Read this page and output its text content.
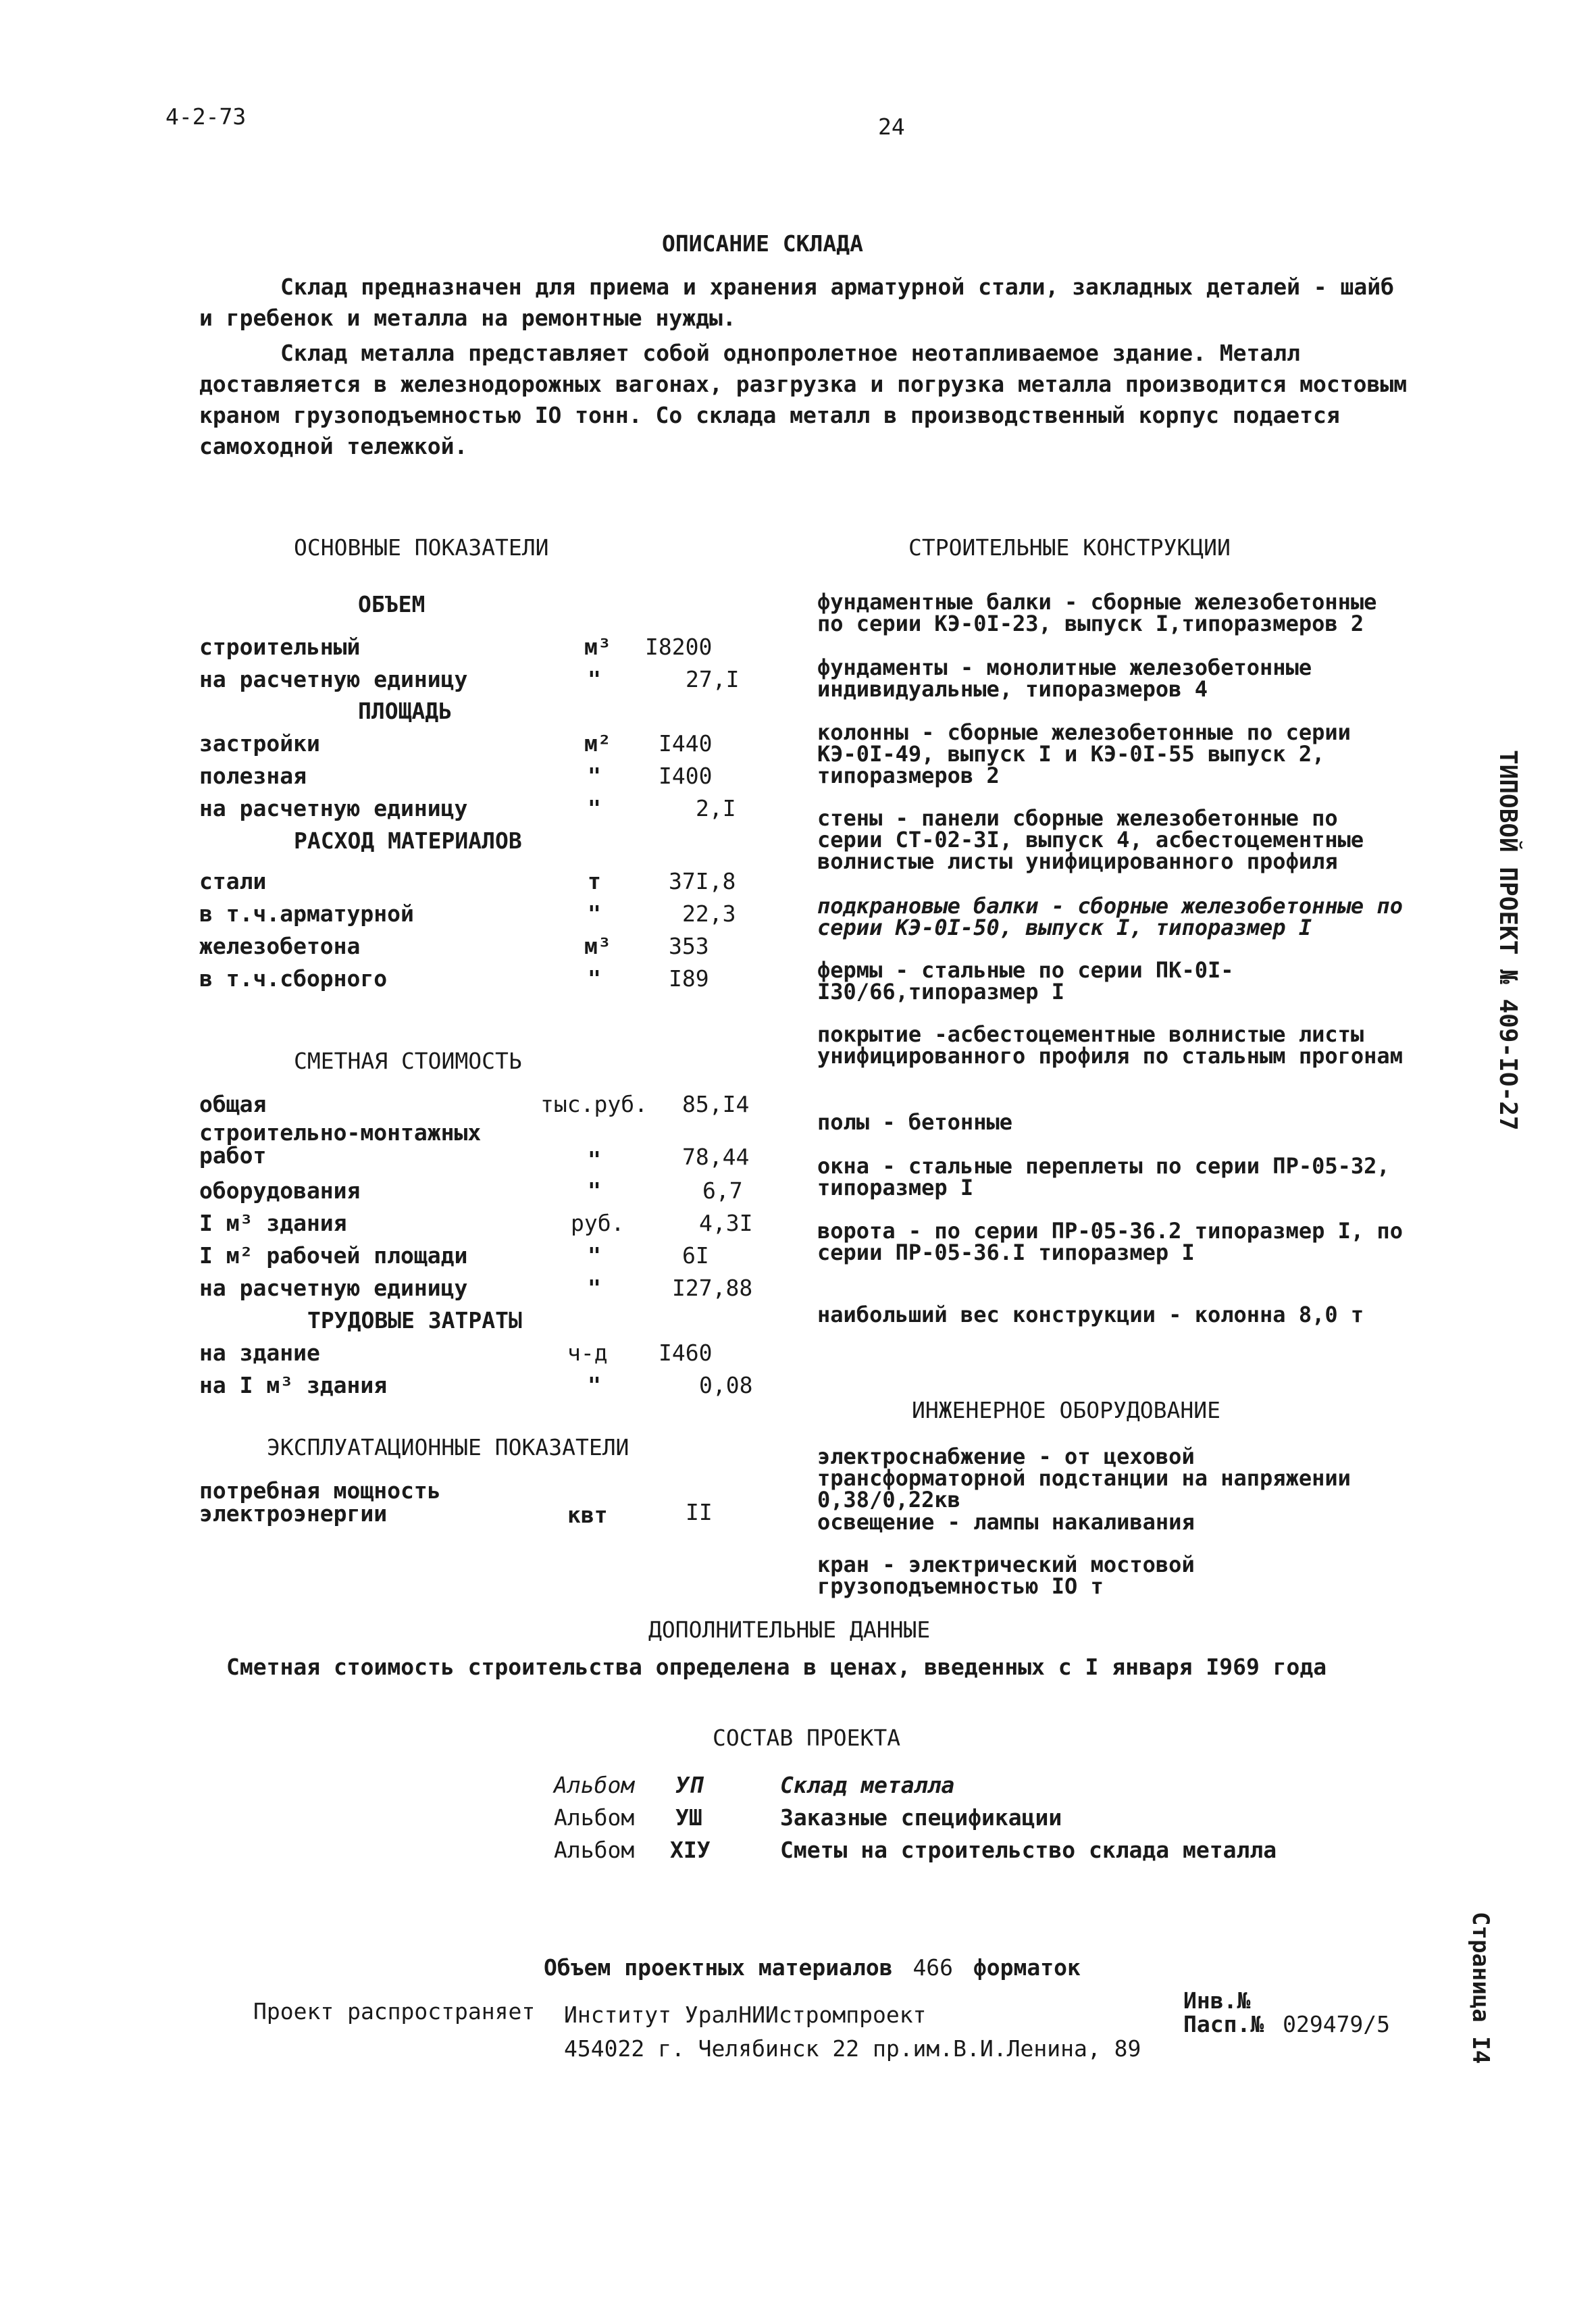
4-2-73	24
ОПИСАНИЕ СКЛАДА
Склад предназначен для приема и хранения арматурной стали, закладных деталей - шайб и гребенок и металла на ремонтные нужды.
Склад металла представляет собой однопролетное неотапливаемое здание. Металл доставляется в железнодорожных вагонах, разгрузка и погрузка металла производится мостовым краном грузоподъемностью IO тонн. Со склада металл в производственный корпус подается самоходной тележкой.
ОСНОВНЫЕ ПОКАЗАТЕЛИ
ОБЪЕМ
строительный	м³ I8200
на расчетную единицу	"	27,I
ПЛОЩАДЬ
застройки	м² I440
полезная	"	I400
на расчетную единицу	"	2,I
РАСХОД МАТЕРИАЛОВ
стали	т	37I,8
в т.ч.арматурной	"	22,3
железобетона	м³	353
в т.ч.сборного	"	I89
СМЕТНАЯ СТОИМОСТЬ
общая	тыс.руб. 85,I4
строительно-монтажных
работ	"	78,44
оборудования	"	6,7
I м³ здания	руб.	4,3I
I м² рабочей площади	"	6I
на расчетную единицу	"	I27,88
ТРУДОВЫЕ ЗАТРАТЫ
на здание	ч-д I460
на I м³ здания	"	0,08
ЭКСПЛУАТАЦИОННЫЕ ПОКАЗАТЕЛИ
потребная мощность
электроэнергии	квт	II
СТРОИТЕЛЬНЫЕ КОНСТРУКЦИИ
фундаментные балки - сборные железобетонные по серии КЭ-0I-23, выпуск I,типоразмеров 2
фундаменты - монолитные железобетонные индивидуальные, типоразмеров 4
колонны - сборные железобетонные по серии КЭ-0I-49, выпуск I и КЭ-0I-55 выпуск 2, типоразмеров 2
стены - панели сборные железобетонные по серии СТ-02-3I, выпуск 4, асбестоцементные волнистые листы унифицированного профиля
подкрановые балки - сборные железобетонные по серии КЭ-0I-50, выпуск I, типоразмер I
фермы - стальные по серии ПК-0I-I30/66,типоразмер I
покрытие -асбестоцементные волнистые листы унифицированного профиля по стальным прогонам
полы - бетонные
окна - стальные переплеты по серии ПР-05-32, типоразмер I
ворота - по серии ПР-05-36.2 типоразмер I, по серии ПР-05-36.I типоразмер I
наибольший вес конструкции - колонна 8,0 т
ИНЖЕНЕРНОЕ ОБОРУДОВАНИЕ
электроснабжение - от цеховой трансформаторной подстанции на напряжении 0,38/0,22кв
освещение - лампы накаливания
кран - электрический мостовой грузоподъемностью IO т
ДОПОЛНИТЕЛЬНЫЕ ДАННЫЕ
Сметная стоимость строительства определена в ценах, введенных с I января I969 года
СОСТАВ ПРОЕКТА
Альбом УП	Склад металла
Альбом УШ	Заказные спецификации
Альбом XIУ	Сметы на строительство склада металла
Объем проектных материалов 466 форматок
Проект распространяет Институт УралНИИстромпроект
454022 г. Челябинск 22 пр.им.В.И.Ленина, 89
Инв.№
Пасп.№ 029479/5
ТИПОВОЙ ПРОЕКТ № 409-IO-27
Страница I4
